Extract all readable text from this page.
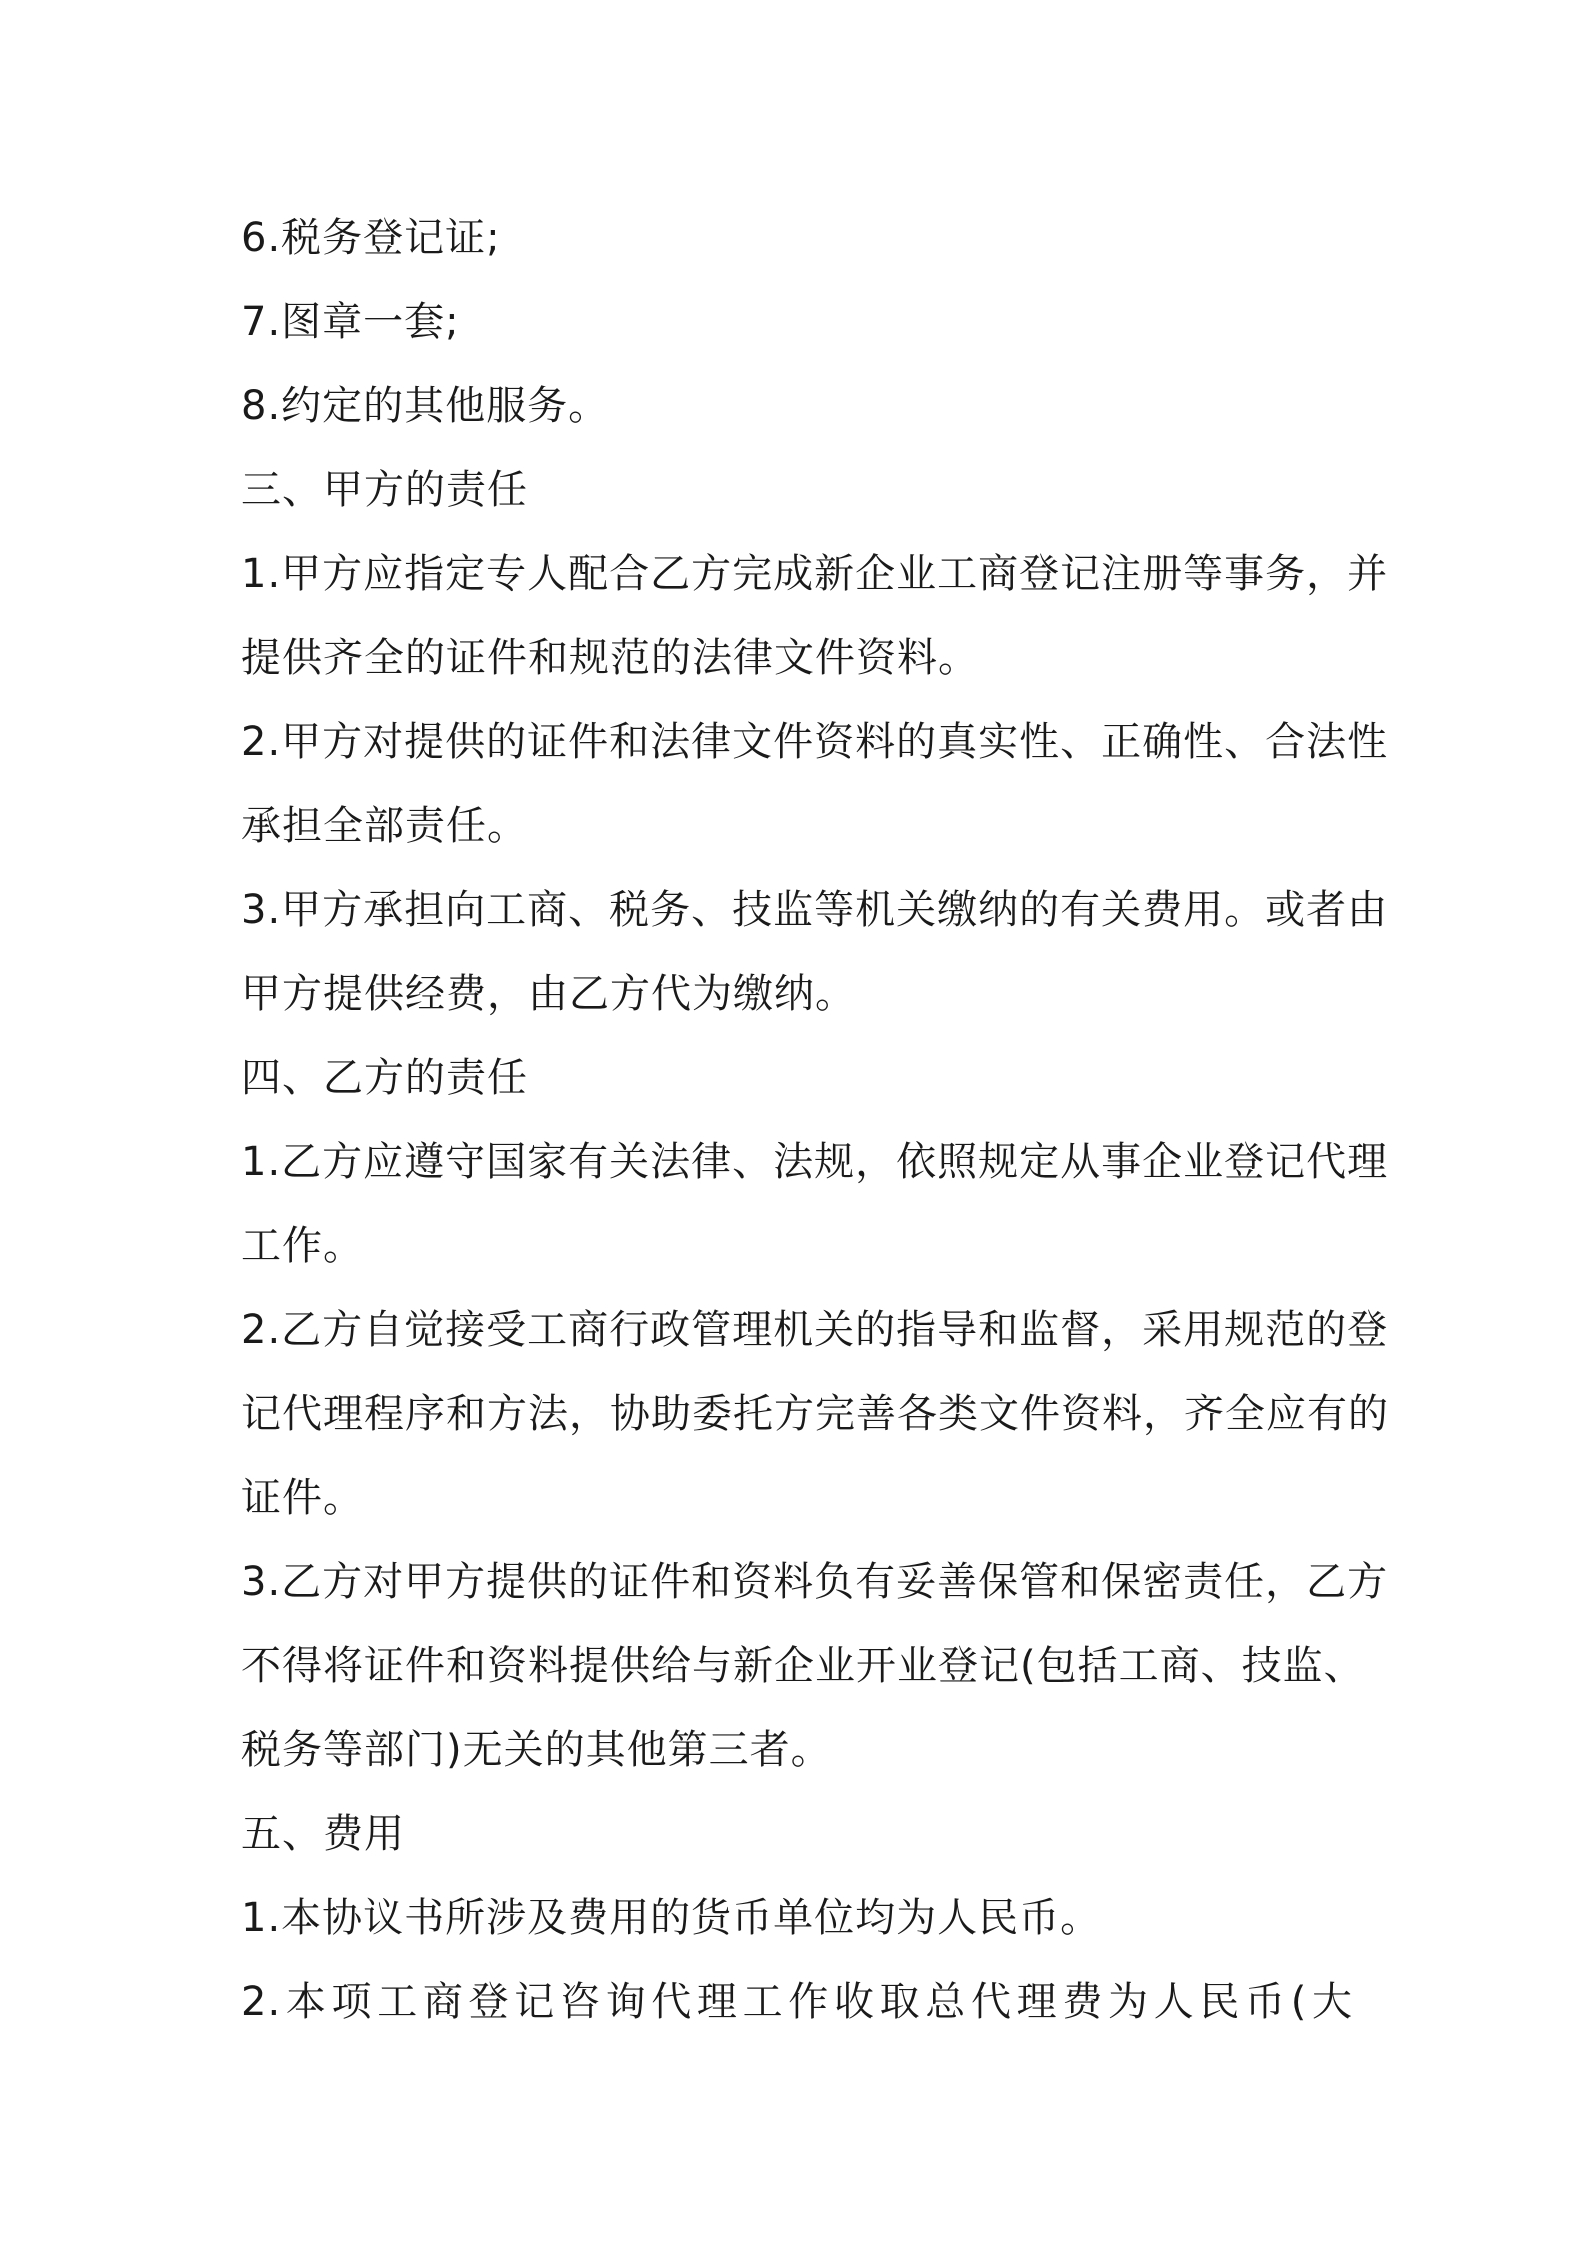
6.税务登记证;
7.图章一套;
8.约定的其他服务。
三、甲方的责任
1.甲方应指定专人配合乙方完成新企业工商登记注册等事务，并
提供齐全的证件和规范的法律文件资料。
2.甲方对提供的证件和法律文件资料的真实性、正确性、合法性
承担全部责任。
3.甲方承担向工商、税务、技监等机关缴纳的有关费用。或者由
甲方提供经费，由乙方代为缴纳。
四、乙方的责任
1.乙方应遵守国家有关法律、法规，依照规定从事企业登记代理
工作。
2.乙方自觉接受工商行政管理机关的指导和监督，采用规范的登
记代理程序和方法，协助委托方完善各类文件资料，齐全应有的
证件。
3.乙方对甲方提供的证件和资料负有妥善保管和保密责任，乙方
不得将证件和资料提供给与新企业开业登记(包括工商、技监、
税务等部门)无关的其他第三者。
五、费用
1.本协议书所涉及费用的货币单位均为人民币。
2.本项工商登记咨询代理工作收取总代理费为人民币(大
